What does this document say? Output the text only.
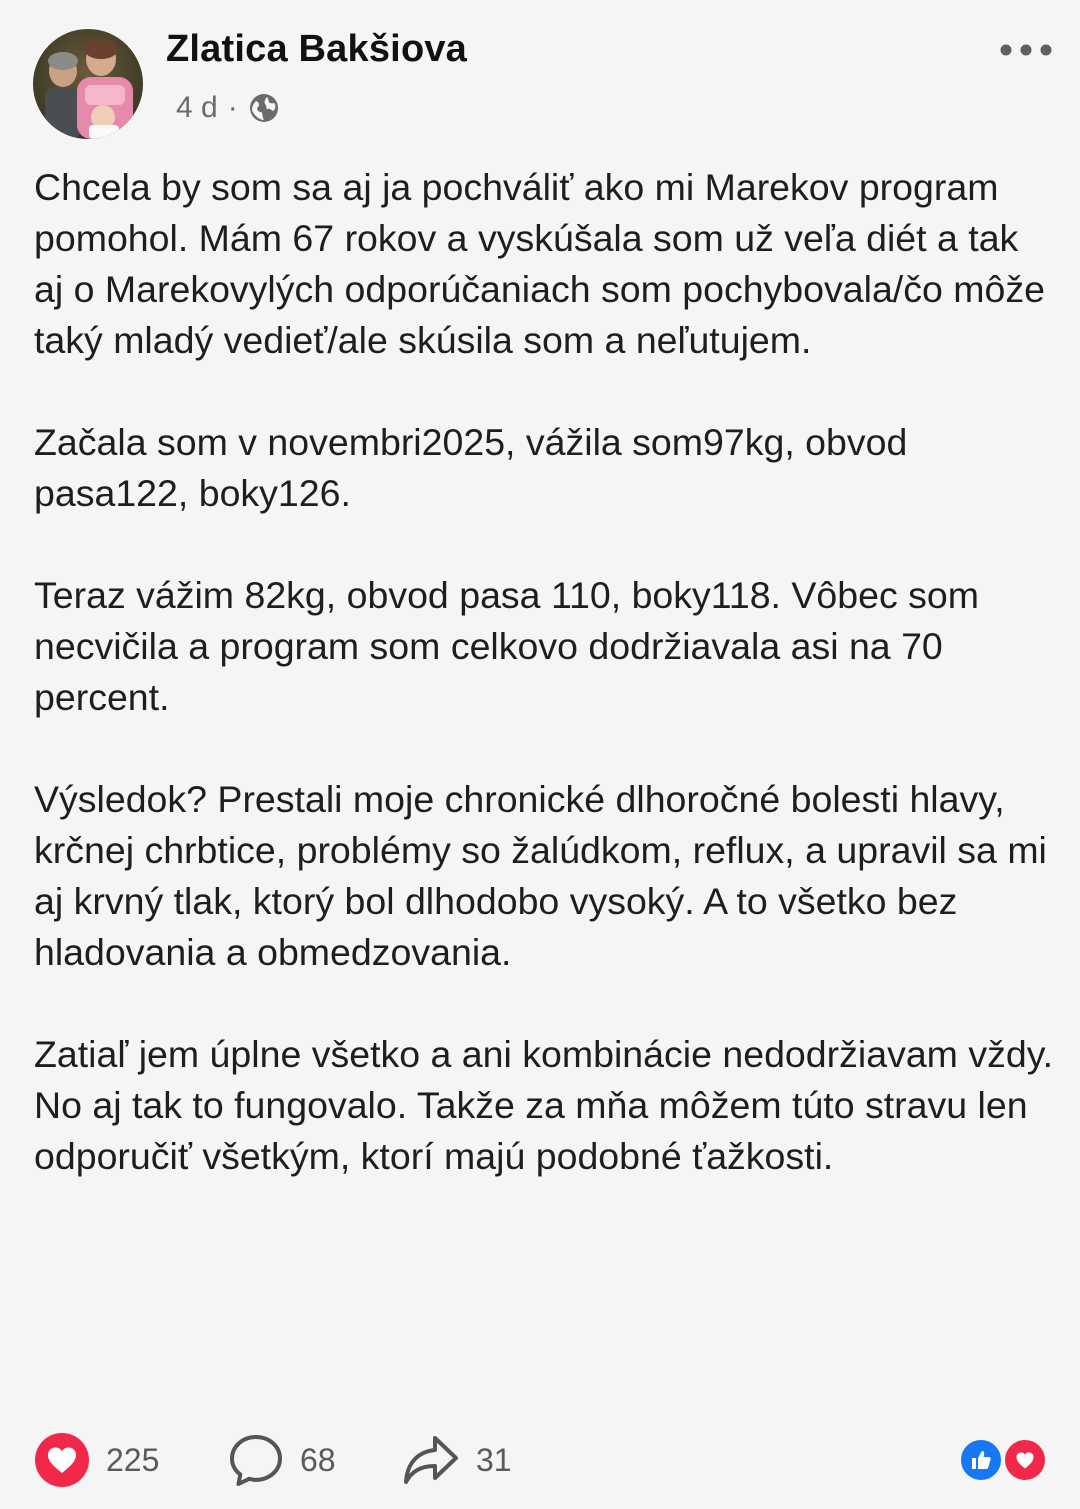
Zlatica Bakšiova
4 d ·

Chcela by som sa aj ja pochváliť ako mi Marekov program pomohol. Mám 67 rokov a vyskúšala som už veľa diét a tak aj o Marekovylých odporúčaniach som pochybovala/čo môže taký mladý vedieť/ale skúsila som a neľutujem.

Začala som v novembri2025, vážila som97kg, obvod pasa122, boky126.

Teraz vážim 82kg, obvod pasa 110, boky118. Vôbec som necvičila a program som celkovo dodržiavala asi na 70 percent.

Výsledok? Prestali moje chronické dlhoročné bolesti hlavy, krčnej chrbtice, problémy so žalúdkom, reflux, a upravil sa mi aj krvný tlak, ktorý bol dlhodobo vysoký. A to všetko bez hladovania a obmedzovania.

Zatiaľ jem úplne všetko a ani kombinácie nedodržiavam vždy. No aj tak to fungovalo. Takže za mňa môžem túto stravu len odporučiť všetkým, ktorí majú podobné ťažkosti.

225	68	31
